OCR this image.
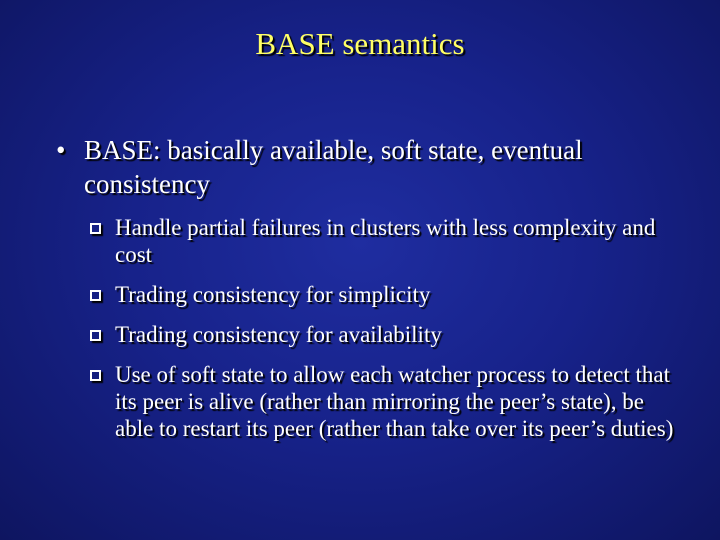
BASE semantics
• BASE: basically available, soft state, eventual consistency
Handle partial failures in clusters with less complexity and cost
Trading consistency for simplicity
Trading consistency for availability
Use of soft state to allow each watcher process to detect that its peer is alive (rather than mirroring the peer’s state), be able to restart its peer (rather than take over its peer’s duties)
